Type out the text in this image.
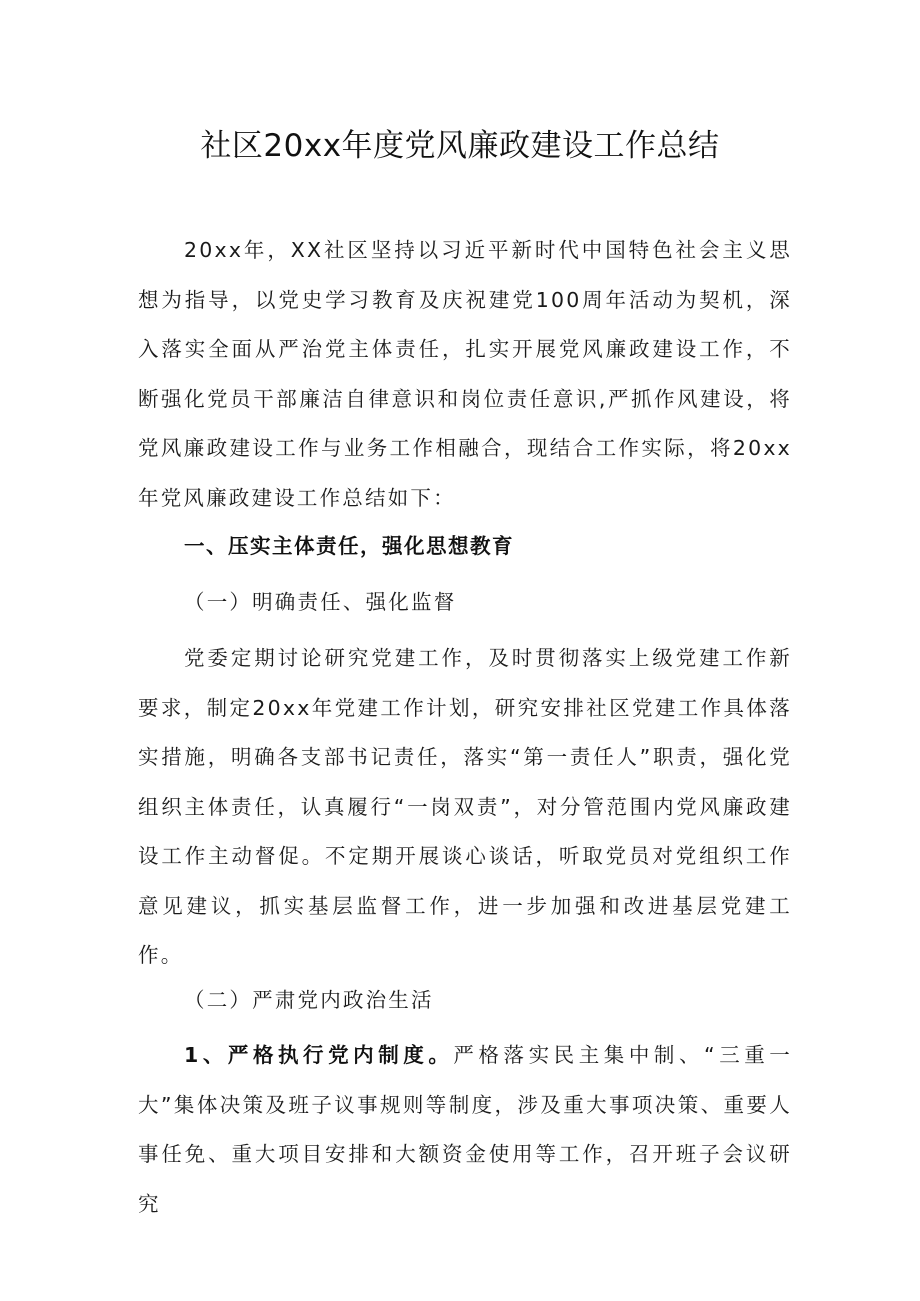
社区20xx年度党风廉政建设工作总结

20xx年，XX社区坚持以习近平新时代中国特色社会主义思想为指导，以党史学习教育及庆祝建党100周年活动为契机，深入落实全面从严治党主体责任，扎实开展党风廉政建设工作，不断强化党员干部廉洁自律意识和岗位责任意识,严抓作风建设，将党风廉政建设工作与业务工作相融合，现结合工作实际，将20xx年党风廉政建设工作总结如下：

一、压实主体责任，强化思想教育
（一）明确责任、强化监督

党委定期讨论研究党建工作，及时贯彻落实上级党建工作新要求，制定20xx年党建工作计划，研究安排社区党建工作具体落实措施，明确各支部书记责任，落实“第一责任人”职责，强化党组织主体责任，认真履行“一岗双责”，对分管范围内党风廉政建设工作主动督促。不定期开展谈心谈话，听取党员对党组织工作意见建议，抓实基层监督工作，进一步加强和改进基层党建工作。

（二）严肃党内政治生活

1、严格执行党内制度。严格落实民主集中制、“三重一大”集体决策及班子议事规则等制度，涉及重大事项决策、重要人事任免、重大项目安排和大额资金使用等工作，召开班子会议研究
